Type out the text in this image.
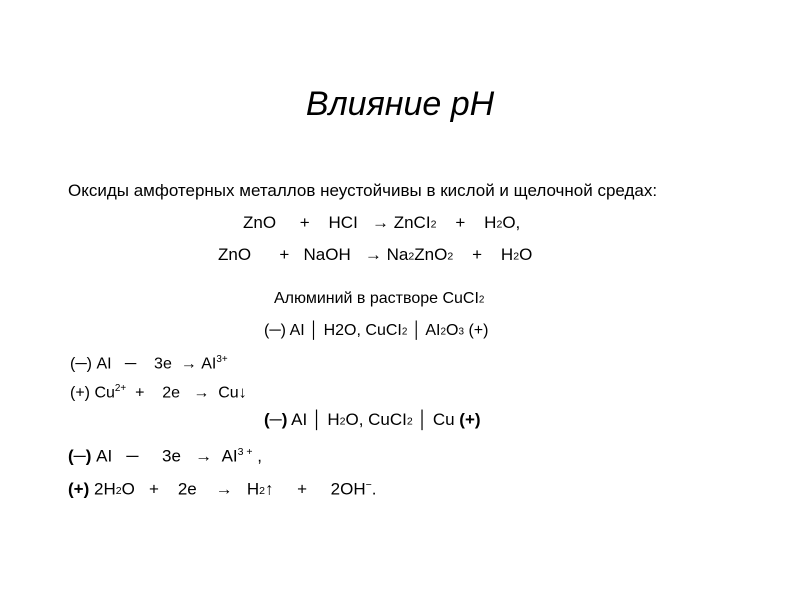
Влияние pH
Оксиды амфотерных металлов неустойчивы в кислой и щелочной средах:
ZnO + HCI → ZnCI$_2$ + $H_2O$,
ZnO + NaOH → $Na_2ZnO_2 + H_2O$
Алюминий в растворе CuCI$_2$
(─) AI │ H2O, CuCI$_2$ │ $AI_2O_3$ (+)
(─) AI ─ $3e \to AI^{3+}$
(+) $Cu^{2+} + 2e$ → Cu↓
(─) AI │ $H_2O$, CuCI$_2$ │ Cu (+)
(─) AI ─ $3e \to AI^{3 +}$ ,
(+) $2H_2O + 2e$ → $H_2↑ + 2OH^-$.
